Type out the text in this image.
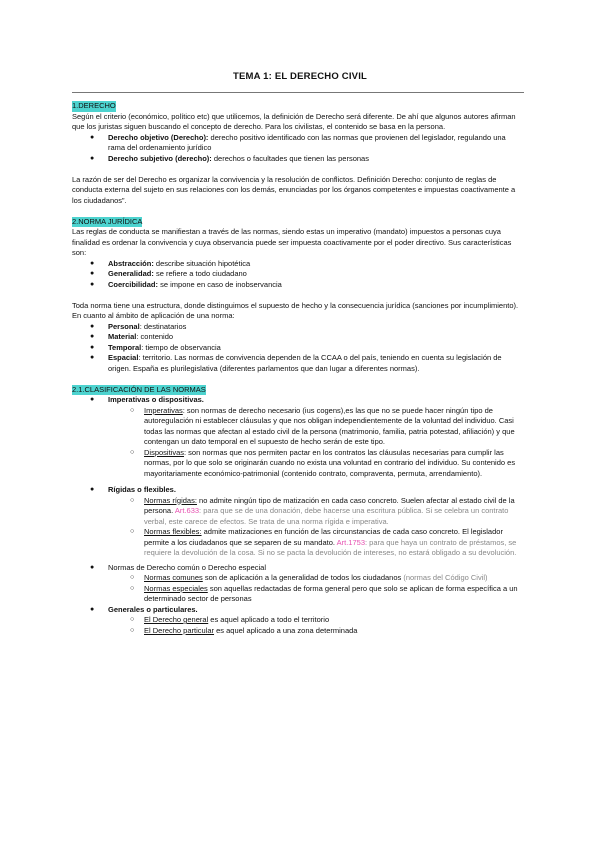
TEMA 1: EL DERECHO CIVIL
1.DERECHO

Según el criterio (económico, político etc) que utilicemos, la definición de Derecho será diferente. De ahí que algunos autores afirman que los juristas siguen buscando el concepto de derecho. Para los civilistas, el contenido se basa en la persona.

● Derecho objetivo (Derecho): derecho positivo identificado con las normas que provienen del legislador, regulando una rama del ordenamiento jurídico
● Derecho subjetivo (derecho): derechos o facultades que tienen las personas

La razón de ser del Derecho es organizar la convivencia y la resolución de conflictos. Definición Derecho: conjunto de reglas de conducta externa del sujeto en sus relaciones con los demás, enunciadas por los órganos competentes e impuestas coactivamente a los ciudadanos”.

2.NORMA JURÍDICA

Las reglas de conducta se manifiestan a través de las normas, siendo estas un imperativo (mandato) impuestos a personas cuya finalidad es ordenar la convivencia y cuya observancia puede ser impuesta coactivamente por el poder directivo. Sus características son:

● Abstracción: describe situación hipotética
● Generalidad: se refiere a todo ciudadano
● Coercibilidad: se impone en caso de inobservancia

Toda norma tiene una estructura, donde distinguimos el supuesto de hecho y la consecuencia jurídica (sanciones por incumplimiento). En cuanto al ámbito de aplicación de una norma:

● Personal: destinatarios
● Material: contenido
● Temporal: tiempo de observancia
● Espacial: territorio. Las normas de convivencia dependen de la CCAA o del país, teniendo en cuenta su legislación de origen. España es plurilegislativa (diferentes parlamentos que dan lugar a diferentes normas).
2.1.CLASIFICACIÓN DE LAS NORMAS
● Imperativas o dispositivas.
○ Imperativas: son normas de derecho necesario (ius cogens),es las que no se puede hacer ningún tipo de autoregulación ni establecer cláusulas y que nos obligan independientemente de la voluntad del individuo. Casi todas las normas que afectan al estado civil de la persona (matrimonio, familia, patria potestad, afiliación) y que contengan un dato temporal en el supuesto de hecho serán de este tipo.
○ Dispositivas: son normas que nos permiten pactar en los contratos las cláusulas necesarias para cumplir las normas, por lo que solo se originarán cuando no exista una voluntad en contrario del individuo. Su contenido es mayoritariamente económico-patrimonial (contenido contrato, compraventa, permuta, arrendamiento).
● Rígidas o flexibles.
○ Normas rígidas: no admite ningún tipo de matización en cada caso concreto. Suelen afectar al estado civil de la persona. Art.633: para que se de una donación, debe hacerse una escritura pública. Si se celebra un contrato verbal, este carece de efectos. Se trata de una norma rígida e imperativa.
○ Normas flexibles: admite matizaciones en función de las circunstancias de cada caso concreto. El legislador permite a los ciudadanos que se separen de su mandato. Art.1753: para que haya un contrato de préstamos, se requiere la devolución de la cosa. Si no se pacta la devolución de intereses, no estará obligado a su devolución.
● Normas de Derecho común o Derecho especial
○ Normas comunes son de aplicación a la generalidad de todos los ciudadanos (normas del Código Civil)
○ Normas especiales son aquellas redactadas de forma general pero que solo se aplican de forma específica a un determinado sector de personas
● Generales o particulares.
○ El Derecho general es aquel aplicado a todo el territorio
○ El Derecho particular es aquel aplicado a una zona determinada
